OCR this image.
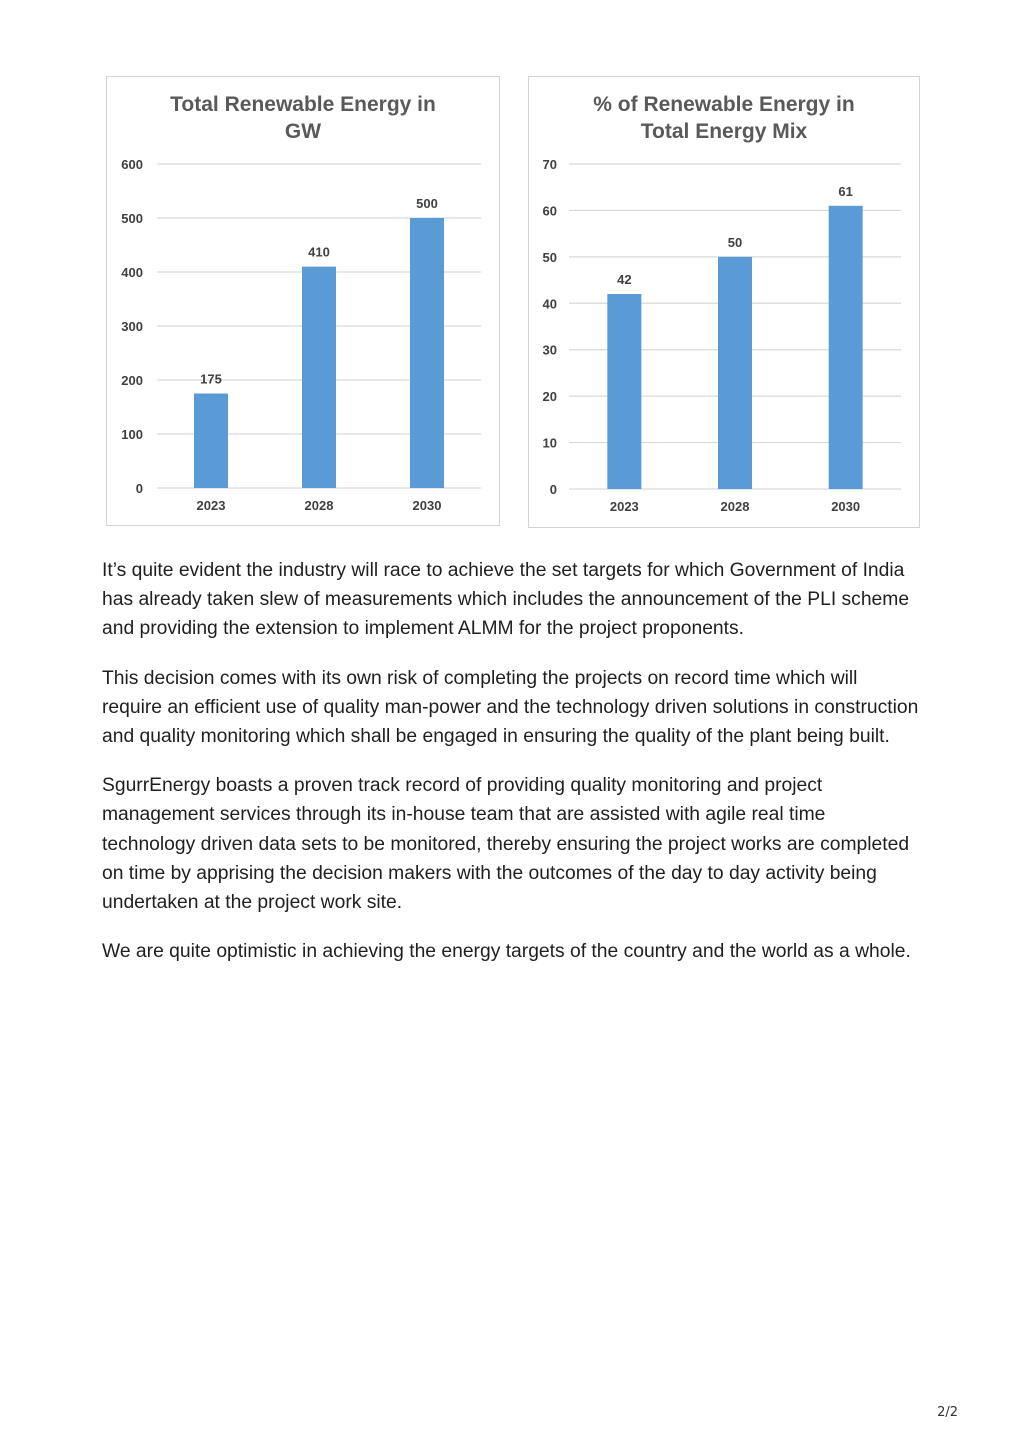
Total Renewable Energy in GW
0
100
200
300
400
500
600
175
2023
410
2028
500
2030
% of Renewable Energy in Total Energy Mix
0
10
20
30
40
50
60
70
42
2023
50
2028
61
2030

It’s quite evident the industry will race to achieve the set targets for which Government of India has already taken slew of measurements which includes the announcement of the PLI scheme and providing the extension to implement ALMM for the project proponents.

This decision comes with its own risk of completing the projects on record time which will require an efficient use of quality man-power and the technology driven solutions in construction and quality monitoring which shall be engaged in ensuring the quality of the plant being built.

SgurrEnergy boasts a proven track record of providing quality monitoring and project management services through its in-house team that are assisted with agile real time technology driven data sets to be monitored, thereby ensuring the project works are completed on time by apprising the decision makers with the outcomes of the day to day activity being undertaken at the project work site.

We are quite optimistic in achieving the energy targets of the country and the world as a whole.

2/2
